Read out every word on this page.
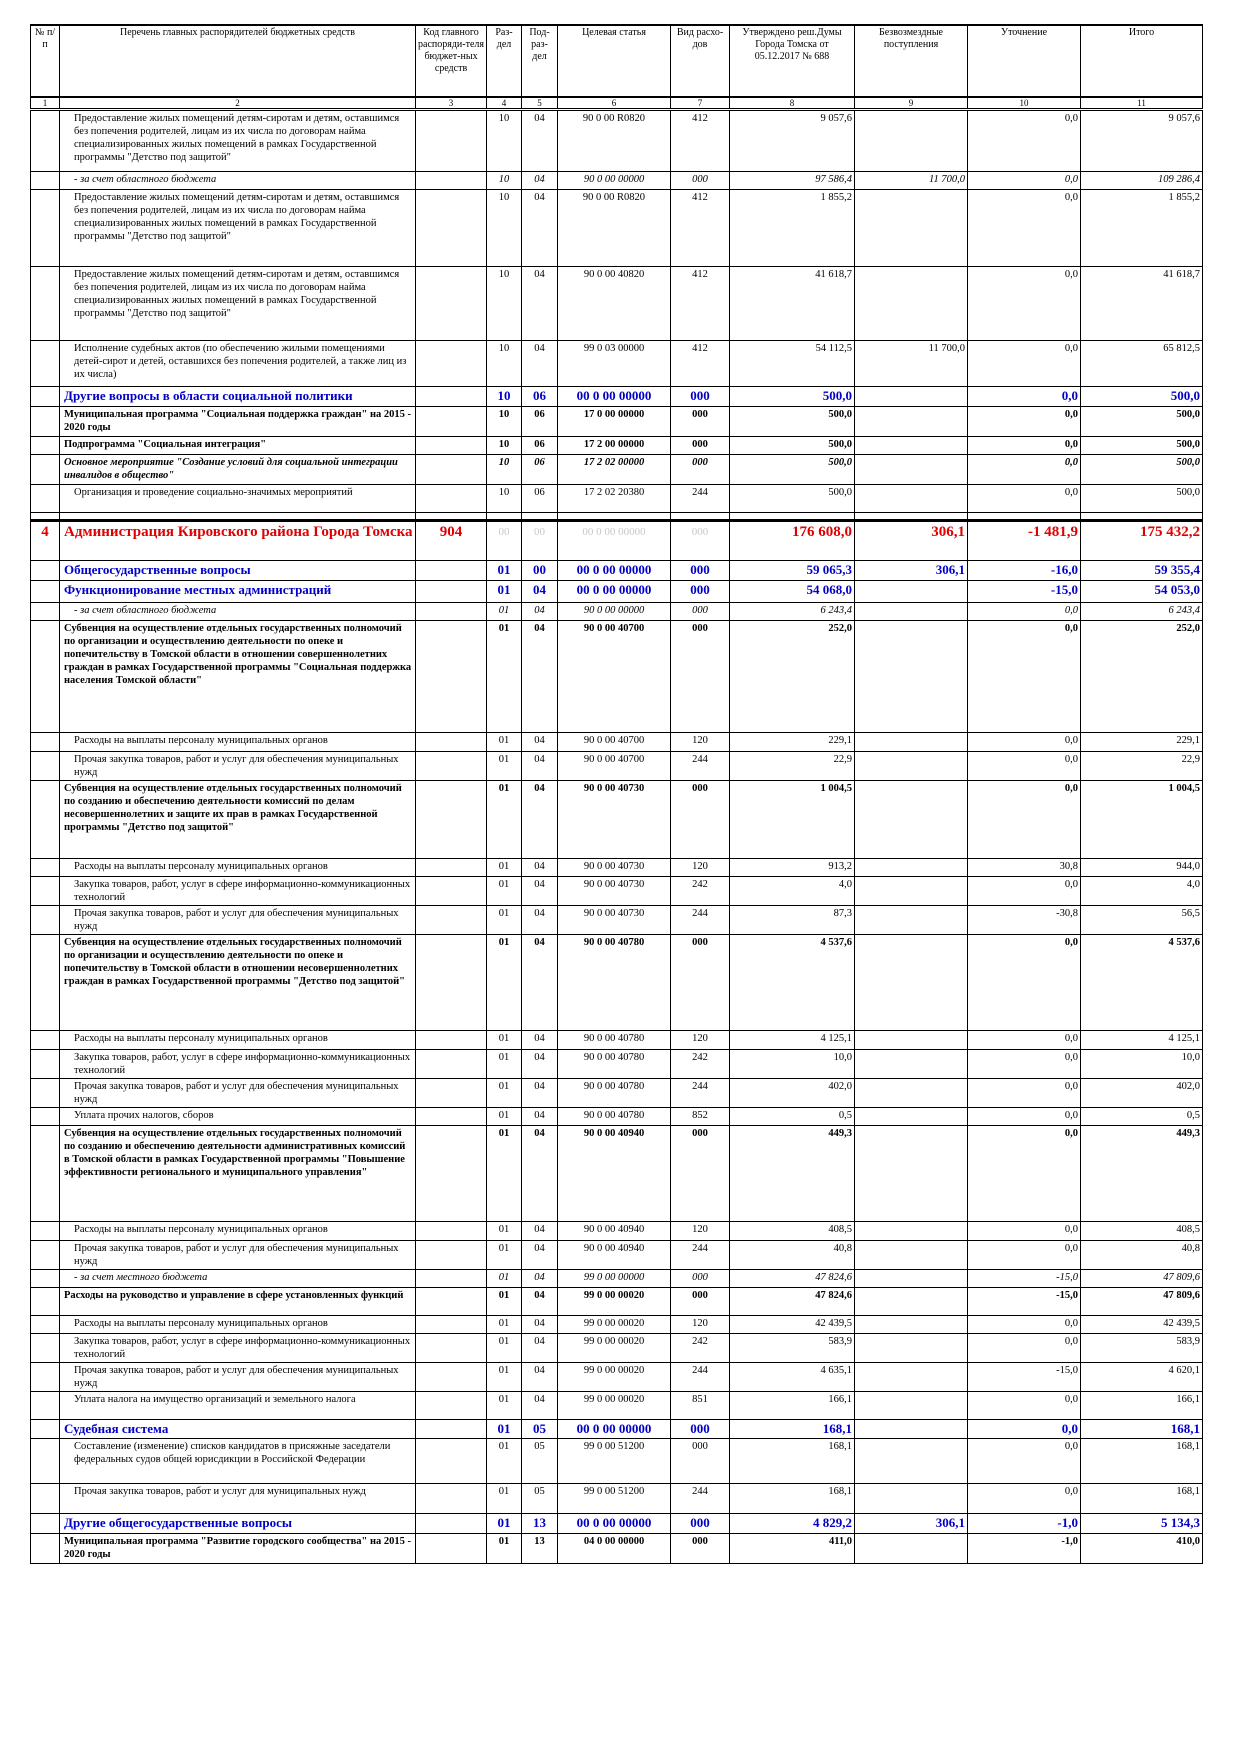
№ п/п	Перечень главных распорядителей бюджетных средств	Код главного распоряди-теля бюджет-ных средств	Раз-дел	Под-раз-дел	Целевая статья	Вид расхо-дов	Утверждено реш.Думы Города Томска от 05.12.2017 № 688	Безвозмездные поступления	Уточнение	Итого
1	2	3	4	5	6	7	8	9	10	11
	Предоставление жилых помещений детям-сиротам и детям, оставшимся без попечения родителей, лицам из их числа по договорам найма специализированных жилых помещений в рамках Государственной программы "Детство под защитой"		10	04	90 0 00 R0820	412	9 057,6		0,0	9 057,6
	- за счет областного бюджета		10	04	90 0 00 00000	000	97 586,4	11 700,0	0,0	109 286,4
	Предоставление жилых помещений детям-сиротам и детям, оставшимся без попечения родителей, лицам из их числа по договорам найма специализированных жилых помещений в рамках Государственной программы "Детство под защитой"		10	04	90 0 00 R0820	412	1 855,2		0,0	1 855,2
	Предоставление жилых помещений детям-сиротам и детям, оставшимся без попечения родителей, лицам из их числа по договорам найма специализированных жилых помещений в рамках Государственной программы "Детство под защитой"		10	04	90 0 00 40820	412	41 618,7		0,0	41 618,7
	Исполнение судебных актов (по обеспечению жилыми помещениями детей-сирот и детей, оставшихся без попечения родителей, а также лиц из их числа)		10	04	99 0 03 00000	412	54 112,5	11 700,0	0,0	65 812,5
	Другие вопросы в области социальной политики		10	06	00 0 00 00000	000	500,0		0,0	500,0
	Муниципальная программа "Социальная поддержка граждан" на 2015 - 2020 годы		10	06	17 0 00 00000	000	500,0		0,0	500,0
	Подпрограмма "Социальная интеграция"		10	06	17 2 00 00000	000	500,0		0,0	500,0
	Основное мероприятие "Создание условий для социальной интеграции инвалидов в общество"		10	06	17 2 02 00000	000	500,0		0,0	500,0
	Организация и проведение социально-значимых мероприятий		10	06	17 2 02 20380	244	500,0		0,0	500,0

4	Администрация Кировского района Города Томска	904	00	00	00 0 00 00000	000	176 608,0	306,1	-1 481,9	175 432,2
	Общегосударственные вопросы		01	00	00 0 00 00000	000	59 065,3	306,1	-16,0	59 355,4
	Функционирование местных администраций		01	04	00 0 00 00000	000	54 068,0		-15,0	54 053,0
	- за счет областного бюджета		01	04	90 0 00 00000	000	6 243,4		0,0	6 243,4
	Субвенция на осуществление отдельных государственных полномочий по организации и осуществлению деятельности по опеке и попечительству в Томской области в отношении совершеннолетних граждан в рамках Государственной программы "Социальная поддержка населения Томской области"		01	04	90 0 00 40700	000	252,0		0,0	252,0
	Расходы на выплаты персоналу муниципальных органов		01	04	90 0 00 40700	120	229,1		0,0	229,1
	Прочая закупка товаров, работ и услуг для обеспечения муниципальных нужд		01	04	90 0 00 40700	244	22,9		0,0	22,9
	Субвенция на осуществление отдельных государственных полномочий по созданию и обеспечению деятельности комиссий по делам несовершеннолетних и защите их прав в рамках Государственной программы "Детство под защитой"		01	04	90 0 00 40730	000	1 004,5		0,0	1 004,5
	Расходы на выплаты персоналу муниципальных органов		01	04	90 0 00 40730	120	913,2		30,8	944,0
	Закупка товаров, работ, услуг в сфере информационно-коммуникационных технологий		01	04	90 0 00 40730	242	4,0		0,0	4,0
	Прочая закупка товаров, работ и услуг для обеспечения муниципальных нужд		01	04	90 0 00 40730	244	87,3		-30,8	56,5
	Субвенция на осуществление отдельных государственных полномочий по организации и осуществлению деятельности по опеке и попечительству в Томской области в отношении несовершеннолетних граждан в рамках Государственной программы "Детство под защитой"		01	04	90 0 00 40780	000	4 537,6		0,0	4 537,6
	Расходы на выплаты персоналу муниципальных органов		01	04	90 0 00 40780	120	4 125,1		0,0	4 125,1
	Закупка товаров, работ, услуг в сфере информационно-коммуникационных технологий		01	04	90 0 00 40780	242	10,0		0,0	10,0
	Прочая закупка товаров, работ и услуг для обеспечения муниципальных нужд		01	04	90 0 00 40780	244	402,0		0,0	402,0
	Уплата прочих налогов, сборов		01	04	90 0 00 40780	852	0,5		0,0	0,5
	Субвенция на осуществление отдельных государственных полномочий по созданию и обеспечению деятельности административных комиссий в Томской области в рамках Государственной программы "Повышение эффективности регионального и муниципального управления"		01	04	90 0 00 40940	000	449,3		0,0	449,3
	Расходы на выплаты персоналу муниципальных органов		01	04	90 0 00 40940	120	408,5		0,0	408,5
	Прочая закупка товаров, работ и услуг для обеспечения муниципальных нужд		01	04	90 0 00 40940	244	40,8		0,0	40,8
	- за счет местного бюджета		01	04	99 0 00 00000	000	47 824,6		-15,0	47 809,6
	Расходы на руководство и управление в сфере установленных функций		01	04	99 0 00 00020	000	47 824,6		-15,0	47 809,6
	Расходы на выплаты персоналу муниципальных органов		01	04	99 0 00 00020	120	42 439,5		0,0	42 439,5
	Закупка товаров, работ, услуг в сфере информационно-коммуникационных технологий		01	04	99 0 00 00020	242	583,9		0,0	583,9
	Прочая закупка товаров, работ и услуг для обеспечения муниципальных нужд		01	04	99 0 00 00020	244	4 635,1		-15,0	4 620,1
	Уплата налога на имущество организаций и земельного налога		01	04	99 0 00 00020	851	166,1		0,0	166,1
	Судебная система		01	05	00 0 00 00000	000	168,1		0,0	168,1
	Составление (изменение) списков кандидатов в присяжные заседатели федеральных судов общей юрисдикции в Российской Федерации		01	05	99 0 00 51200	000	168,1		0,0	168,1
	Прочая закупка товаров, работ и услуг для муниципальных нужд		01	05	99 0 00 51200	244	168,1		0,0	168,1
	Другие общегосударственные вопросы		01	13	00 0 00 00000	000	4 829,2	306,1	-1,0	5 134,3
	Муниципальная программа "Развитие городского сообщества" на 2015 - 2020 годы		01	13	04 0 00 00000	000	411,0		-1,0	410,0
